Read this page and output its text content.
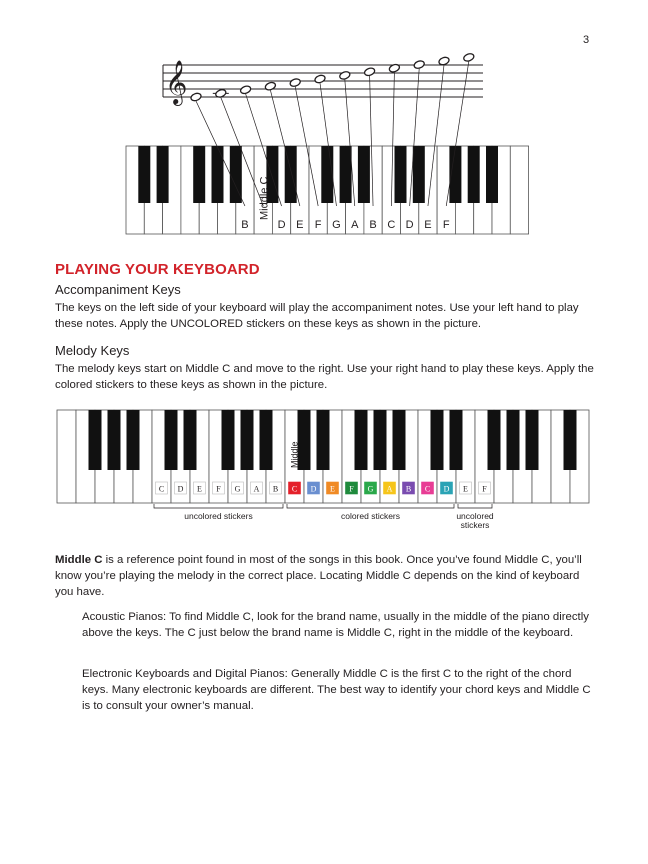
3
𝄞
B	D E F G A B C D E F
Middle C
PLAYING YOUR KEYBOARD
Accompaniment Keys

The keys on the left side of your keyboard will play the accompaniment notes. Use your left hand to play these notes. Apply the UNCOLORED stickers on these keys as shown in the picture.

Melody Keys

The melody keys start on Middle C and move to the right. Use your right hand to play these keys. Apply the colored stickers to these keys as shown in the picture.

C D E F G A B C D E F G A B C D E F
Middle
uncolored stickers	colored stickers	uncolored
stickers

Middle C is a reference point found in most of the songs in this book. Once you’ve found Middle C, you’ll know you’re playing the melody in the correct place. Locating Middle C depends on the kind of keyboard you have.

Acoustic Pianos: To find Middle C, look for the brand name, usually in the middle of the piano directly above the keys. The C just below the brand name is Middle C, right in the middle of the keyboard.

Electronic Keyboards and Digital Pianos: Generally Middle C is the first C to the right of the chord keys. Many electronic keyboards are different. The best way to identify your chord keys and Middle C is to consult your owner’s manual.
